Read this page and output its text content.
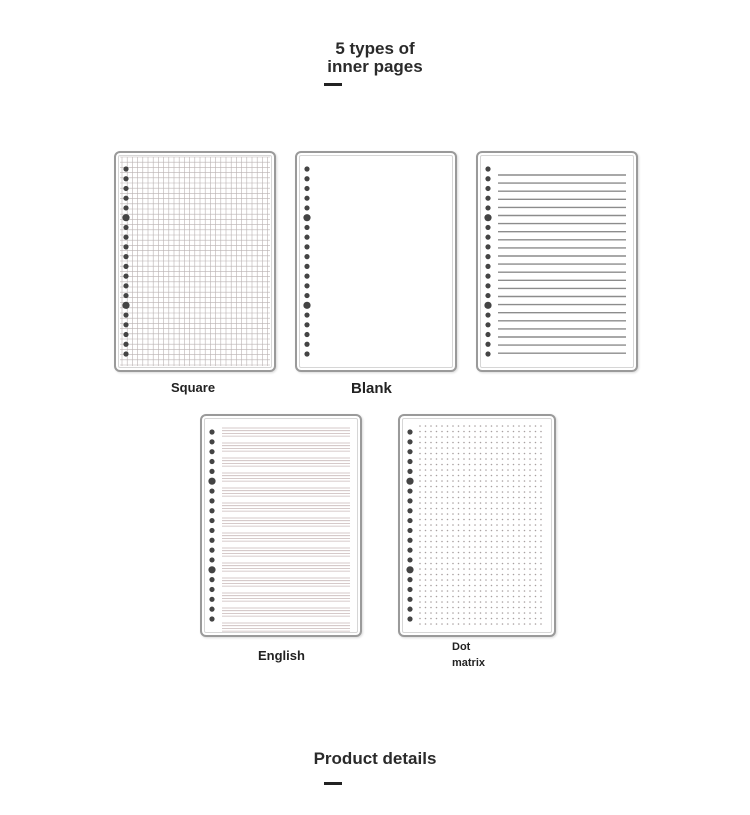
5 types of
inner pages

Square	Blank

English

Dot
matrix

Product details
